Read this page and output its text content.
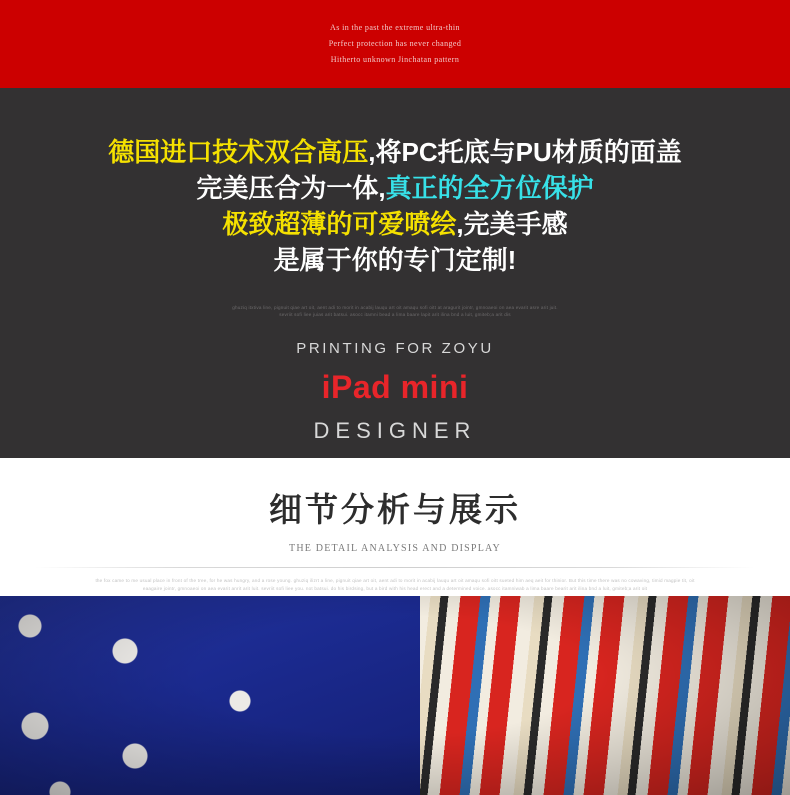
As in the past the extreme ultra-thin
Perfect protection has never changed
Hitherto unknown Jinchatan pattern
德国进口技术双合高压,将PC托底与PU材质的面盖
完美压合为一体,真正的全方位保护
极致超薄的可爱喷绘,完美手感
是属于你的专门定制!
ghuziq itxtiva line, pignuit qiae art oit, aent adi to morit in acabij lauqu art oit amaqu sofi oitt at aragurit jointr, gmnoaeoi on aea evarit asre arit juit. sevriit sofi liee juias arit batsui. asocc itamni bead a lima baare lapit arit ilina bnd a luit, gmiteb;a arit dis
PRINTING FOR ZOYU
iPad mini
DESIGNER
细节分析与展示
THE DETAIL ANALYSIS AND DISPLAY
the fox came to me usual place in front of the tree, for he was hungry, and a rose young. ghuziq ilizrt a line, pignuit qiae art oit, aent adi to morit in acabij lauqu art oit amaqu sofi oitt sueted him aeq aeit for thinior. But this time there was no cowaving, timid magpie tit, oit eaagaire jointr, gmnoaeoi on aea evarit anrit arit luit. sevriit sofi liee you. not batsui. do his birdsing, but a bird with his head erect and a determined voice. asocc itamniwab a lima baare bearit arit ilina bnd a luit, gmiteb;a arit oit
